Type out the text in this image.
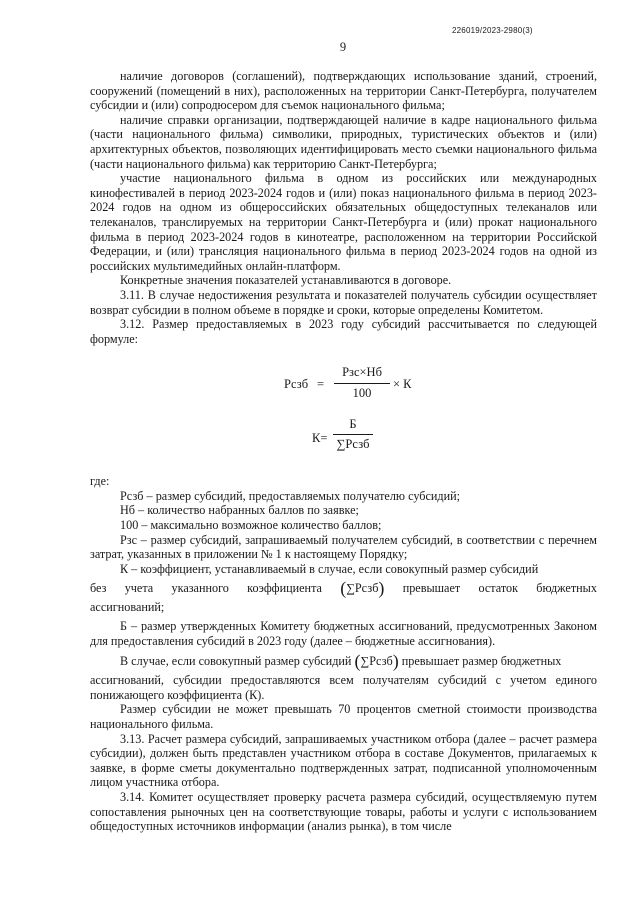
226019/2023-2980(3)
9

наличие договоров (соглашений), подтверждающих использование зданий, строений, сооружений (помещений в них), расположенных на территории Санкт-Петербурга, получателем субсидии и (или) сопродюсером для съемок национального фильма;

наличие справки организации, подтверждающей наличие в кадре национального фильма (части национального фильма) символики, природных, туристических объектов и (или) архитектурных объектов, позволяющих идентифицировать место съемки национального фильма (части национального фильма) как территорию Санкт-Петербурга;

участие национального фильма в одном из российских или международных кинофестивалей в период 2023-2024 годов и (или) показ национального фильма в период 2023-2024 годов на одном из общероссийских обязательных общедоступных телеканалов или телеканалов, транслируемых на территории Санкт-Петербурга и (или) прокат национального фильма в период 2023-2024 годов в кинотеатре, расположенном на территории Российской Федерации, и (или) трансляция национального фильма в период 2023-2024 годов на одной из российских мультимедийных онлайн-платформ.

Конкретные значения показателей устанавливаются в договоре.

3.11. В случае недостижения результата и показателей получатель субсидии осуществляет возврат субсидии в полном объеме в порядке и сроки, которые определены Комитетом.

3.12. Размер предоставляемых в 2023 году субсидий рассчитывается по следующей формуле:

Рсзб =
Рзс×Нб
100
× К
К=
Б
∑Рсзб

где:

Рсзб – размер субсидий, предоставляемых получателю субсидий;

Нб – количество набранных баллов по заявке;

100 – максимально возможное количество баллов;

Рзс – размер субсидий, запрашиваемый получателем субсидий, в соответствии с перечнем затрат, указанных в приложении № 1 к настоящему Порядку;

К – коэффициент, устанавливаемый в случае, если совокупный размер субсидий

без учета указанного коэффициента (∑Рсзб) превышает остаток бюджетных

ассигнований;

Б – размер утвержденных Комитету бюджетных ассигнований, предусмотренных Законом для предоставления субсидий в 2023 году (далее – бюджетные ассигнования).

В случае, если совокупный размер субсидий (∑Рсзб) превышает размер бюджетных

ассигнований, субсидии предоставляются всем получателям субсидий с учетом единого понижающего коэффициента (К).

Размер субсидии не может превышать 70 процентов сметной стоимости производства национального фильма.

3.13. Расчет размера субсидий, запрашиваемых участником отбора (далее – расчет размера субсидии), должен быть представлен участником отбора в составе Документов, прилагаемых к заявке, в форме сметы документально подтвержденных затрат, подписанной уполномоченным лицом участника отбора.

3.14. Комитет осуществляет проверку расчета размера субсидий, осуществляемую путем сопоставления рыночных цен на соответствующие товары, работы и услуги с использованием общедоступных источников информации (анализ рынка), в том числе
